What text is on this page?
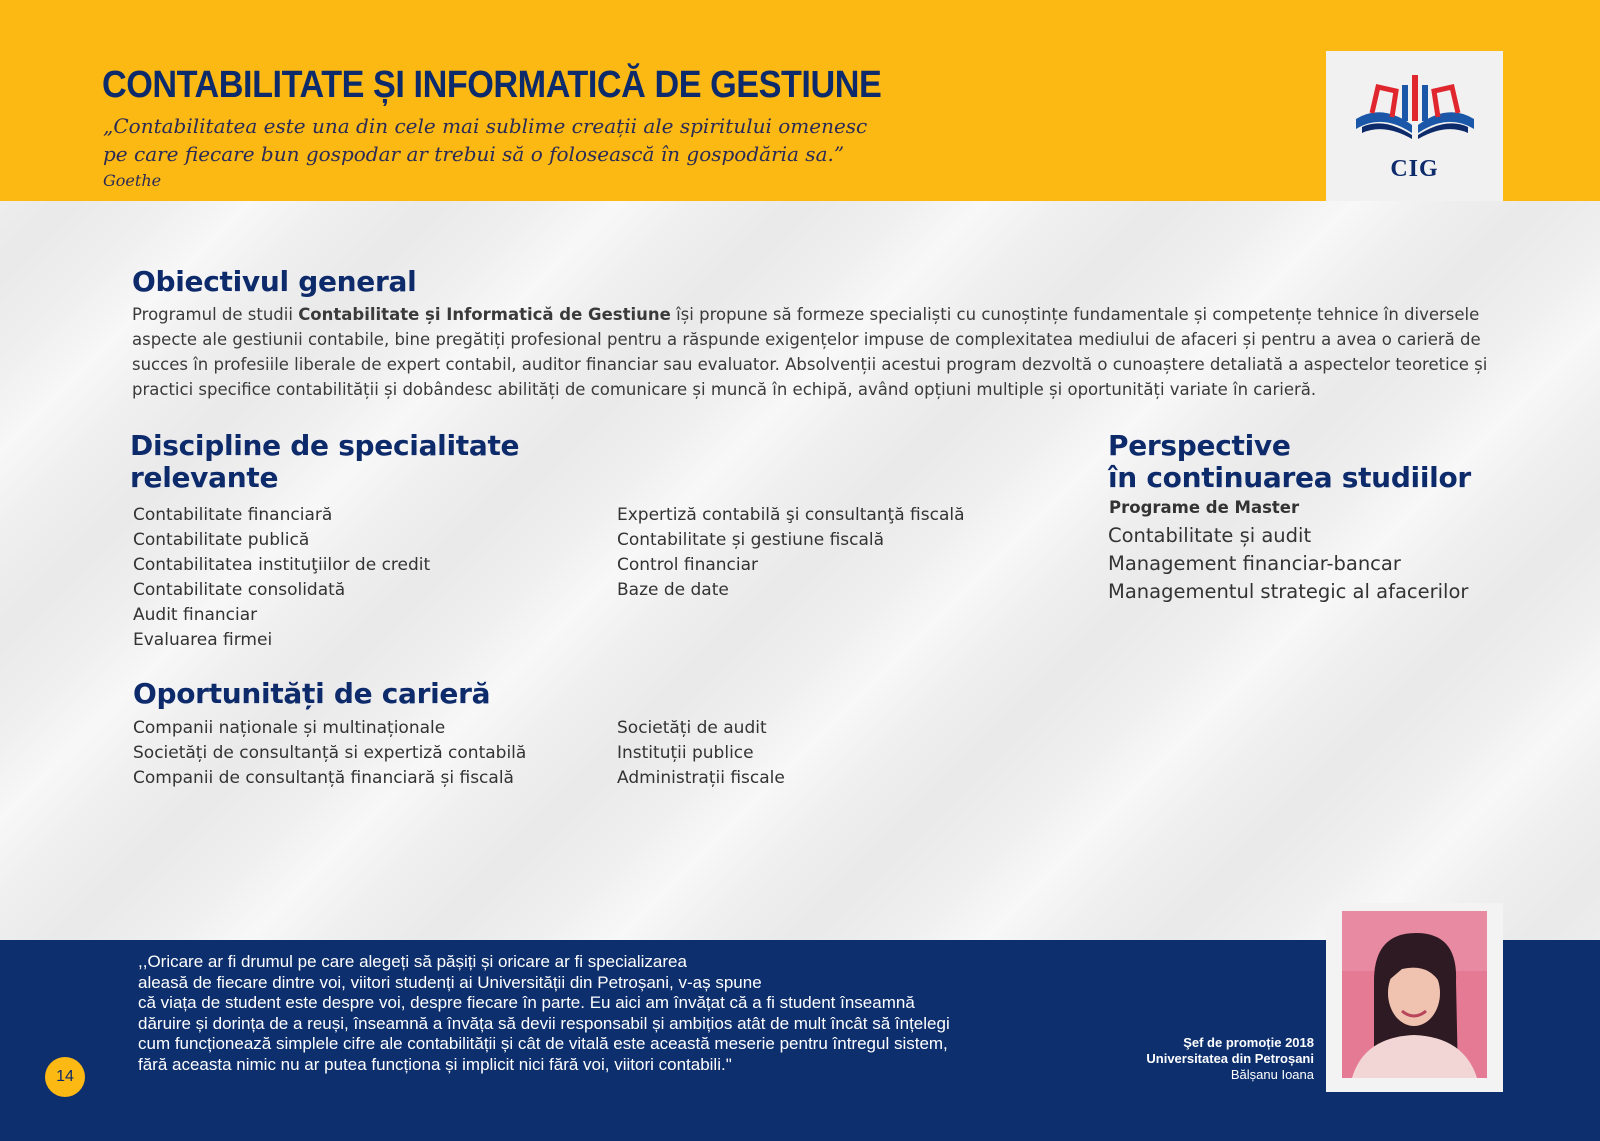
CONTABILITATE ȘI INFORMATICĂ DE GESTIUNE
„Contabilitatea este una din cele mai sublime creații ale spiritului omenesc
pe care fiecare bun gospodar ar trebui să o folosească în gospodăria sa.”
Goethe	CIG
Obiectivul general
Programul de studii Contabilitate și Informatică de Gestiune își propune să formeze specialiști cu cunoștințe fundamentale și competențe tehnice în diversele
aspecte ale gestiunii contabile, bine pregătiți profesional pentru a răspunde exigențelor impuse de complexitatea mediului de afaceri și pentru a avea o carieră de
succes în profesiile liberale de expert contabil, auditor financiar sau evaluator. Absolvenții acestui program dezvoltă o cunoaștere detaliată a aspectelor teoretice și
practici specifice contabilității și dobândesc abilități de comunicare și muncă în echipă, având opțiuni multiple și oportunități variate în carieră.
Discipline de specialitate
relevante
Contabilitate financiară
Contabilitate publică
Contabilitatea instituţiilor de credit
Contabilitate consolidată
Audit financiar
Evaluarea firmei
Expertiză contabilă şi consultanţă fiscală
Contabilitate și gestiune fiscală
Control financiar
Baze de date
Perspective
în continuarea studiilor
Programe de Master
Contabilitate și audit
Management financiar-bancar
Managementul strategic al afacerilor
Oportunități de carieră
Companii naționale și multinaționale
Societăți de consultanță si expertiză contabilă
Companii de consultanță financiară și fiscală
Societăți de audit
Instituții publice
Administrații fiscale
,,Oricare ar fi drumul pe care alegeți să pășiți și oricare ar fi specializarea
aleasă de fiecare dintre voi, viitori studenți ai Universității din Petroșani, v-aș spune
că viața de student este despre voi, despre fiecare în parte. Eu aici am învățat că a fi student înseamnă
dăruire și dorința de a reuși, înseamnă a învăța să devii responsabil și ambițios atât de mult încât să înțelegi
cum funcționează simplele cifre ale contabilității și cât de vitală este această meserie pentru întregul sistem,
fără aceasta nimic nu ar putea funcționa și implicit nici fără voi, viitori contabili."
14
Şef de promoție 2018
Universitatea din Petroșani
Bălșanu Ioana
